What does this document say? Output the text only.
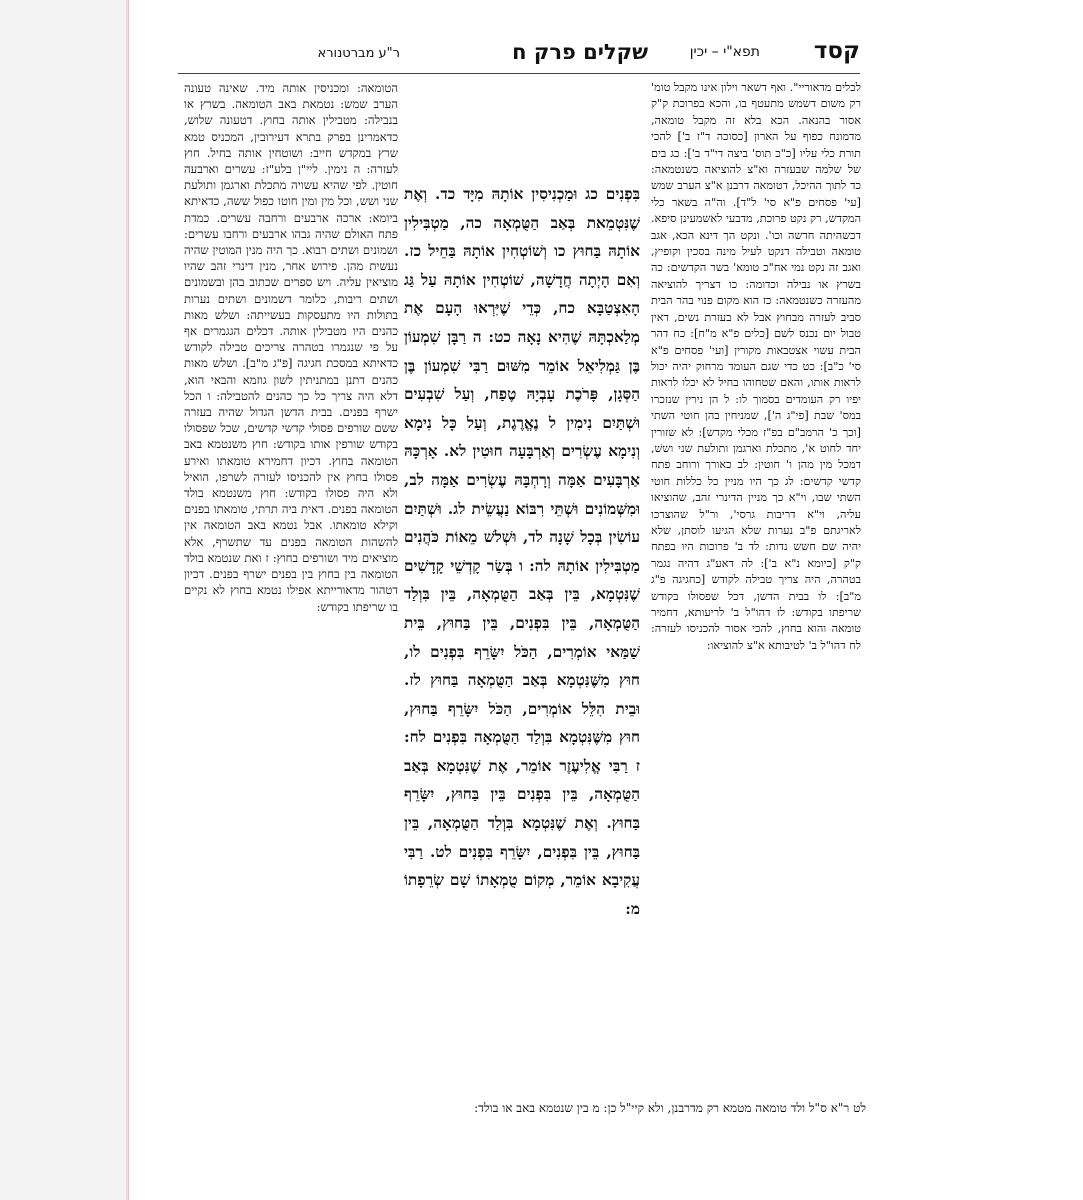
קסד
תפא"י – יכין
שקלים פרק ח
ר"ע מברטנורא

לכלים מדאוריי". ואף דשאר וילון אינו מקבל טומ' רק משום דשמש מתעטף בו, והכא בפרוכת ק"ק אסור בהנאה. הכא בלא זה מקבל טומאה, מדמונח כפוף על הארון [כסוכה ד"ז ב'] להכי תורת כלי עליו [כ"כ תוס' ביצה די"ד ב']: כג בים של שלמה שבעזרה וא"צ להוציאה כשנטמאה: כד לתוך ההיכל, דטומאה דרבנן א"צ הערב שמש [עי' פסחים פ"א סי' ל"ד]. וה"ה בשאר כלי המקדש, רק נקט פרוכת, מדבעי לאשמעינן סיפא. דכשהיתה חדשה וכו'. ונקט הך דינא הכא, אגב טומאה וטבילה דנקט לעיל מינה בסכין וקופיץ, ואגב זה נקט נמי אח"כ טומא' בשר הקדשים: כה בשרץ או נבילה וכדומה: כו דצריך להוציאה מהעזרה כשנטמאה: כז הוא מקום פנוי בהר הבית סביב לעזרה מבחוץ אבל לא בעזרת נשים, דאין טבול יום נכנס לשם [כלים פ"א מ"ח]: כח דהר הבית עשוי אצטבאות מקורין [ועי' פסחים פ"א סי' כ"ב]: כט כדי שגם העומד מרחוק יהיה יכול לראות אותו, והאם שטחוהו בחיל לא יכלו לראות יפיו רק העומדים בסמוך לו: ל הן נירין שנזכרו במס' שבת [פי"ג ה'], שמניחין בהן חוטי השתי [וכך כ' הרמב"ם בפ"ז מכלי מקדש]: לא שזורין יחד לחוט א', מתכלת וארגמן ותולעת שני וששׁ, דמכל מין מהן ו' חוטין: לב כאורך ורוחב פתח קדשי קדשים: לג כך היו מניין כל כללות חוטי השתי שבו, וי"א כך מניין הדינרי זהב, שהוציאו עליה, וי"א דריבות גרסי', ור"ל שהוצרכו לאריגתם פ"ב נערות שלא הגיעו לוסתן, שלא יהיה שם חשש נדות: לד ב' פרוכות היו בפתח ק"ק [כיומא נ"א ב']: לה דאע"ג דהיה נגמר בטהרה, היה צריך טבילה לקודש [כחגיגה פ"ג מ"ב]: לו בבית הדשן, דכל שפסולו בקודש שריפתו בקודש: לז דהו"ל ב' לריעותא, דחמיר טומאה והוא בחוץ, להכי אסור להכניסו לעזרה: לח דהו"ל ב' לטיבותא א"צ להוציאו:

בִּפְנִים כג וּמַכְנִיסִין אוֹתָהּ מִיָּד כד. וְאֶת שֶׁנִּטְמֵאת בְּאַב הַטֻּמְאָה כה, מַטְבִּילִין אוֹתָהּ בַּחוּץ כו וְשׁוֹטְחִין אוֹתָהּ בַּחֵיל כז. וְאִם הָיְתָה חֲדָשָׁה, שׁוֹטְחִין אוֹתָהּ עַל גַּג הָאִצְטַבָּא כח, כְּדֵי שֶׁיִּרְאוּ הָעָם אֶת מְלַאכְתָּהּ שֶׁהִיא נָאָה כט: ה רַבָּן שִׁמְעוֹן בֶּן גַּמְלִיאֵל אוֹמֵר מִשּׁוּם רַבִּי שִׁמְעוֹן בֶּן הַסְּגָן, פָּרֹכֶת עָבְיָהּ טֶפַח, וְעַל שִׁבְעִים וּשְׁתַּיִם נִימִין ל נֶאֱרֶגֶת, וְעַל כָּל נִימָא וְנִימָא עֶשְׂרִים וְאַרְבָּעָה חוּטִין לא. אָרְכָּהּ אַרְבָּעִים אַמָּה וְרָחְבָּהּ עֶשְׂרִים אַמָּה לב, וּמִשְּׁמוֹנִים וּשְׁתֵּי רִבּוֹא נַעֲשֵׂית לג. וּשְׁתַּיִם עוֹשִׂין בְּכָל שָׁנָה לד, וּשְׁלשׁ מֵאוֹת כֹּהֲנִים מַטְבִּילִין אוֹתָהּ לה: ו בְּשַׂר קָדְשֵׁי קָדָשִׁים שֶׁנִּטְמָא, בֵּין בְּאַב הַטֻּמְאָה, בֵּין בִּוְלַד הַטֻּמְאָה, בֵּין בִּפְנִים, בֵּין בַּחוּץ, בֵּית שַׁמַּאי אוֹמְרִים, הַכֹּל יִשָּׂרֵף בִּפְנִים לו, חוּץ מִשֶּׁנִּטְמָא בְּאַב הַטֻּמְאָה בַּחוּץ לז. וּבֵית הִלֵּל אוֹמְרִים, הַכֹּל יִשָּׂרֵף בַּחוּץ, חוּץ מִשֶּׁנִּטְמָא בִּוְלַד הַטֻּמְאָה בִּפְנִים לח: ז רַבִּי אֱלִיעֶזֶר אוֹמֵר, אֶת שֶׁנִּטְמָא בְּאַב הַטֻּמְאָה, בֵּין בִּפְנִים בֵּין בַּחוּץ, יִשָּׂרֵף בַּחוּץ. וְאֶת שֶׁנִּטְמָא בִּוְלַד הַטֻּמְאָה, בֵּין בַּחוּץ, בֵּין בִּפְנִים, יִשָּׂרֵף בִּפְנִים לט. רַבִּי עֲקִיבָא אוֹמֵר, מְקוֹם טֻמְאָתוֹ שָׁם שְׂרֵפָתוֹ מ:

הטומאה: ומכניסין אותה מיד. שאינה טעונה הערב שמש: נטמאת באב הטומאה. בשרץ או בנבילה: מטבילין אותה בחוץ. דטעונה שלוש, כדאמרינן בפרק בתרא דעירובין, המכניס טמא שרץ במקדש חייב: ושוטחין אותה בחיל. חוץ לעזרה: ה נימין. ליי"ן בלע"ז: עשרים וארבעה חוטין. לפי שהיא עשויה מתכלת וארגמן ותולעת שני ושש, וכל מין ומין חוטו כפול ששה, כדאיתא ביומא: ארכה ארבעים ורחבה עשרים. כמדת פתח האולם שהיה גבהו ארבעים ורחבו עשרים: ושמונים ושתים רבוא. כך היה מנין המוטין שהיה נעשית מהן. פירוש אחר, מנין דינרי זהב שהיו מוציאין עליה. ויש ספרים שכתוב בהן ובשמונים ושתים ריבות, כלומר דשמונים ושתים נערות בתולות היו מתעסקות בעשייתה: ושלש מאות כהנים היו מטבילין אותה. דכלים הגגמרים אף על פי שנגמרו בטהרה צריכים טבילה לקודש כדאיתא במסכת חגיגה [פ"ג מ"ב]. ושלש מאות כהנים דתנן במתניתין לשון גוזמא והבאי הוא, דלא היה צריך כל כך כהנים להטבילה: ו הכל ישרף בפנים. בבית הדשן הגדול שהיה בעזרה ששם שורפים פסולי קדשי קדשים, שכל שפסולו בקודש שורפין אותו בקודש: חוץ משנטמא באב הטומאה בחוץ. דכיון דחמירא טומאתו ואירע פסולו בחוץ אין להכניסו לעזרה לשרפו, הואיל ולא היה פסולו בקודש: חוץ משנטמא בולד הטומאה בפנים. דאית ביה תרתי, טומאתו בפנים וקילא טומאתו. אבל נטמא באב הטומאה אין להשהות הטומאה בפנים עד שתשרף, אלא מוציאים מיד ושורפים בחוץ: ז ואת שנטמא בולד הטומאה בין בחוץ בין בפנים ישרף בפנים. דכיון דטהור מדאורייתא אפילו נטמא בחוץ לא נקיים בו שריפתו בקודש:

לט ר"א ס"ל ולד טומאה מטמא רק מדרבנן, ולא קיי"ל כן: מ בין שנטמא באב או בולד:
